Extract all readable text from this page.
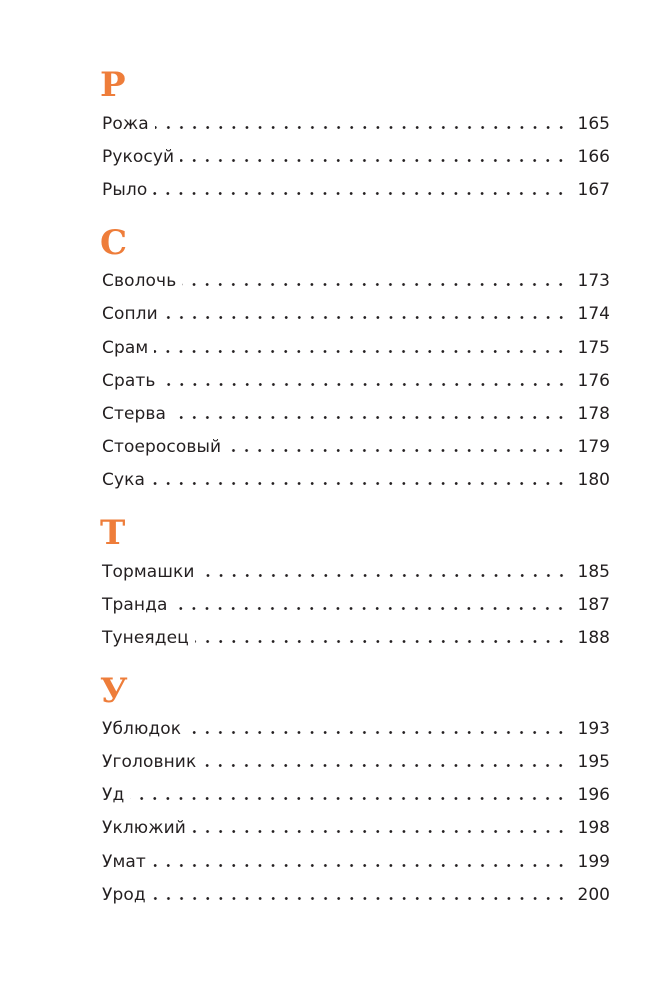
Р
Рожа	165
Рукосуй	166
Рыло	167
С
Сволочь	173
Сопли	174
Срам	175
Срать	176
Стерва	178
Стоеросовый	179
Сука	180
Т
Тормашки	185
Транда	187
Тунеядец	188
У
Ублюдок	193
Уголовник	195
Уд	196
Уклюжий	198
Умат	199
Урод	200
